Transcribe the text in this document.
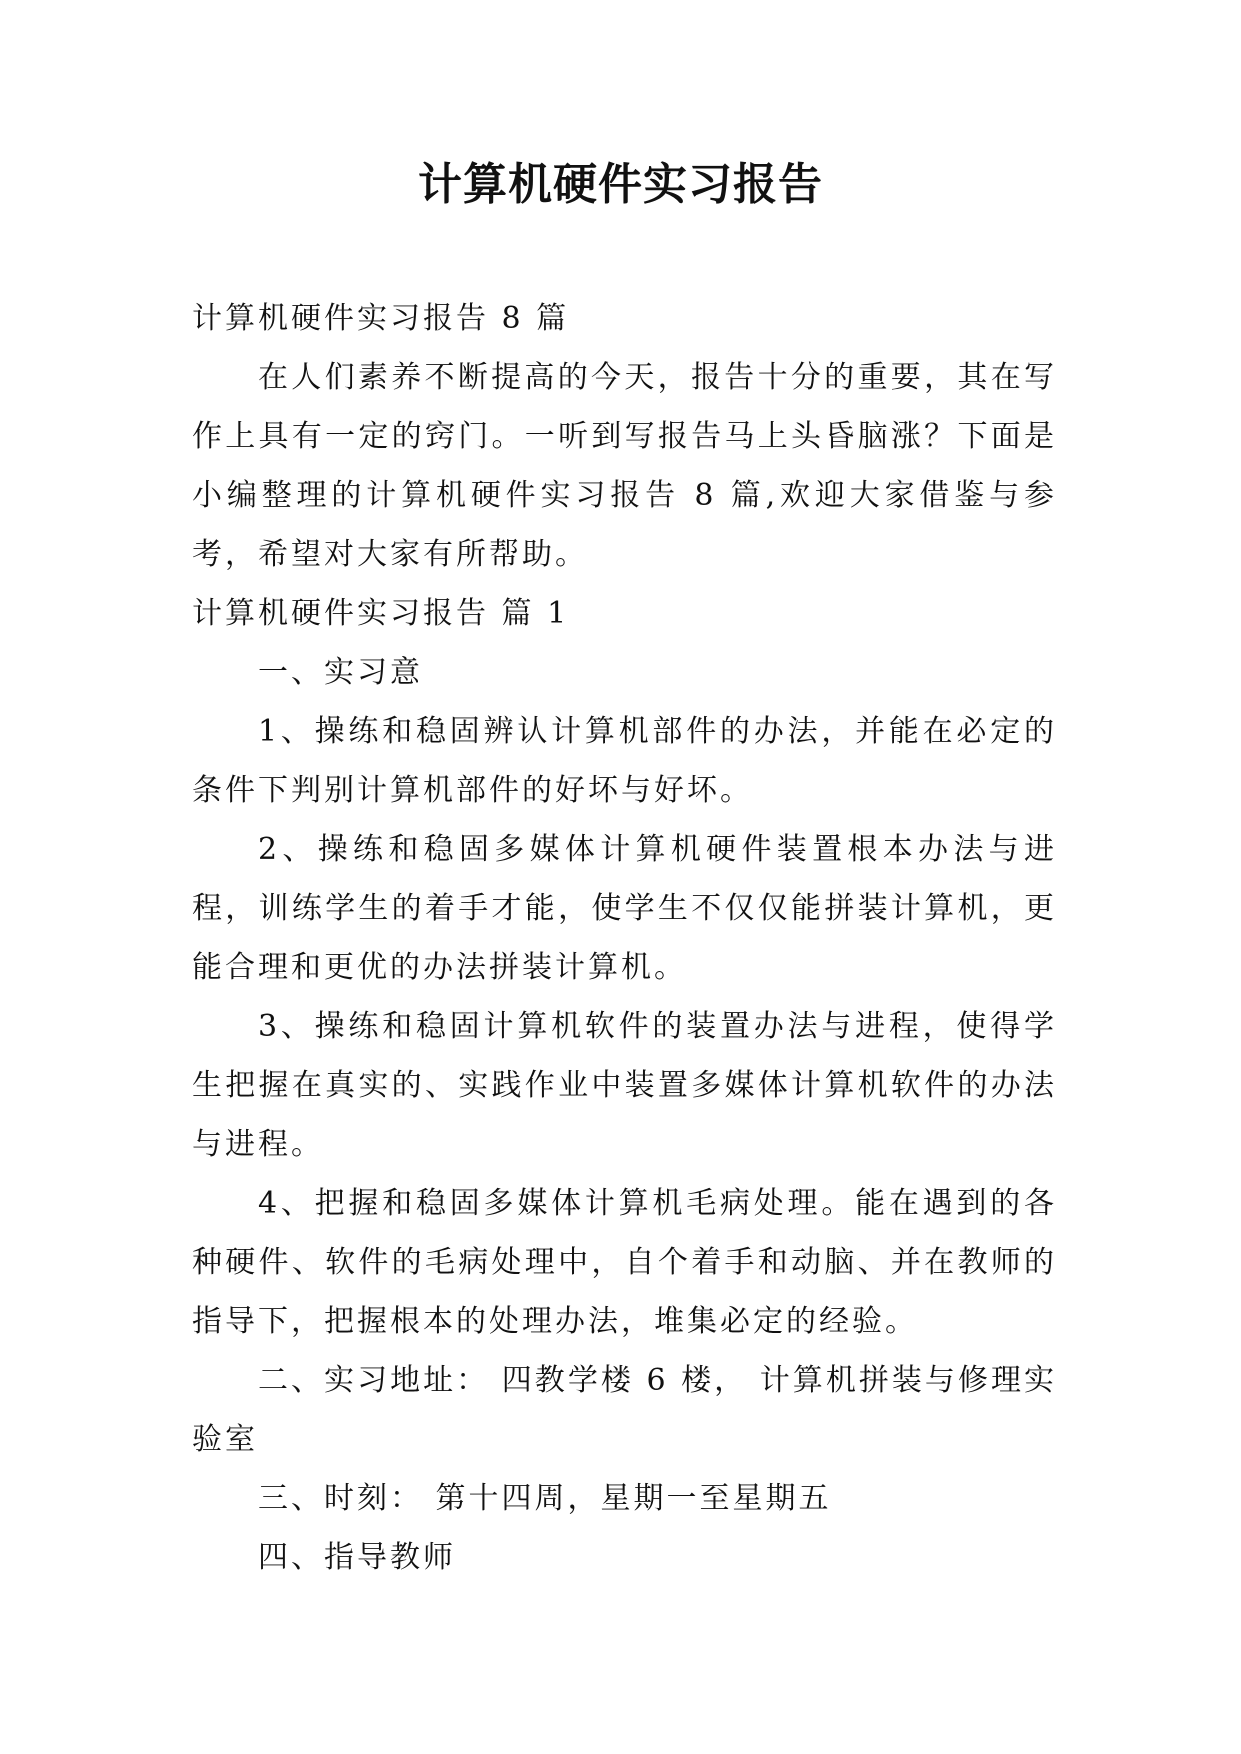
计算机硬件实习报告

计算机硬件实习报告 8 篇

在人们素养不断提高的今天，报告十分的重要，其在写作上具有一定的窍门。一听到写报告马上头昏脑涨？下面是小编整理的计算机硬件实习报告 8 篇,欢迎大家借鉴与参考，希望对大家有所帮助。

计算机硬件实习报告 篇 1

一、实习意

1、操练和稳固辨认计算机部件的办法，并能在必定的条件下判别计算机部件的好坏与好坏。

2、操练和稳固多媒体计算机硬件装置根本办法与进程，训练学生的着手才能，使学生不仅仅能拼装计算机，更能合理和更优的办法拼装计算机。

3、操练和稳固计算机软件的装置办法与进程，使得学生把握在真实的、实践作业中装置多媒体计算机软件的办法与进程。

4、把握和稳固多媒体计算机毛病处理。能在遇到的各种硬件、软件的毛病处理中，自个着手和动脑、并在教师的指导下，把握根本的处理办法，堆集必定的经验。

二、实习地址： 四教学楼 6 楼， 计算机拼装与修理实验室

三、时刻： 第十四周，星期一至星期五

四、指导教师
